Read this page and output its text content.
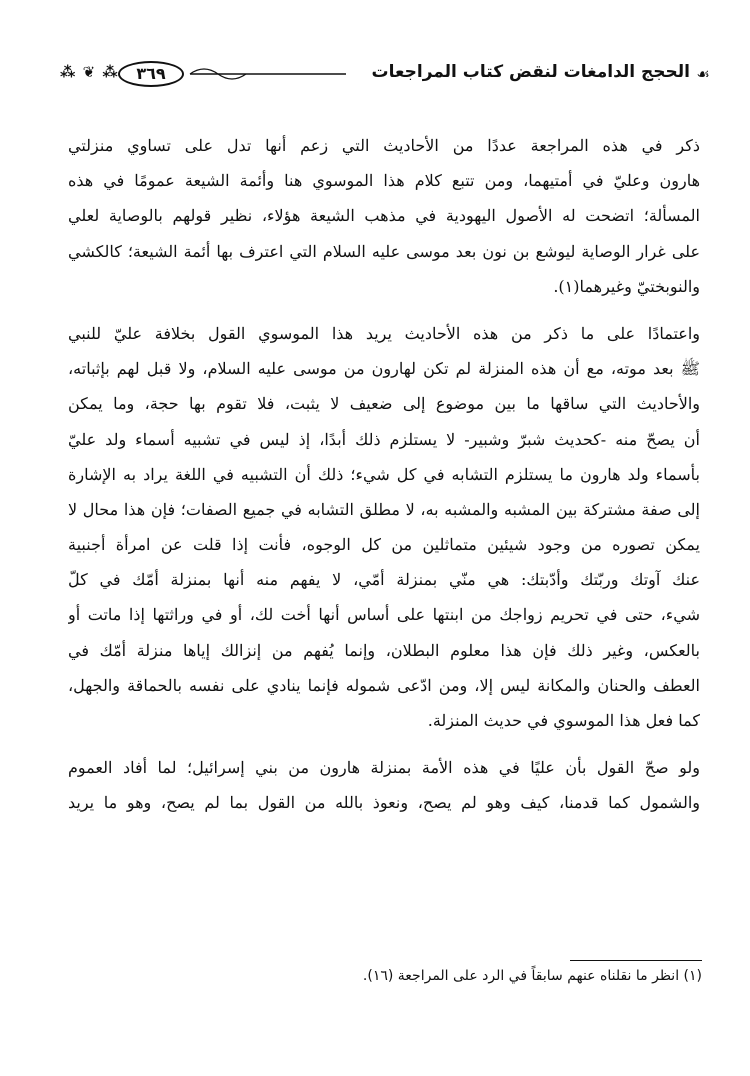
⁂ ❦ ⁂	٣٦٩	الحجج الدامغات لنقض كتاب المراجعات ☙
ذكر في هذه المراجعة عددًا من الأحاديث التي زعم أنها تدل على تساوي منزلتي
هارون وعليّ في أمتيهما، ومن تتبع كلام هذا الموسوي هنا وأئمة الشيعة عمومًا في هذه
المسألة؛ اتضحت له الأصول اليهودية في مذهب الشيعة هؤلاء، نظير قولهم بالوصاية لعلي
على غرار الوصاية ليوشع بن نون بعد موسى عليه السلام التي اعترف بها أئمة الشيعة؛ كالكشي
والنوبختيّ وغيرهما(١).
واعتمادًا على ما ذكر من هذه الأحاديث يريد هذا الموسوي القول بخلافة عليّ للنبي
ﷺ بعد موته، مع أن هذه المنزلة لم تكن لهارون من موسى عليه السلام، ولا قبل لهم بإثباته،
والأحاديث التي ساقها ما بين موضوع إلى ضعيف لا يثبت، فلا تقوم بها حجة، وما يمكن
أن يصحّ منه -كحديث شبرّ وشبير- لا يستلزم ذلك أبدًا، إذ ليس في تشبيه أسماء ولد عليّ
بأسماء ولد هارون ما يستلزم التشابه في كل شيء؛ ذلك أن التشبيه في اللغة يراد به الإشارة
إلى صفة مشتركة بين المشبه والمشبه به، لا مطلق التشابه في جميع الصفات؛ فإن هذا محال لا
يمكن تصوره من وجود شيئين متماثلين من كل الوجوه، فأنت إذا قلت عن امرأة أجنبية
عنك آوتك وربّتك وأدّبتك: هي منّي بمنزلة أمّي، لا يفهم منه أنها بمنزلة أمّك في كلّ
شيء، حتى في تحريم زواجك من ابنتها على أساس أنها أخت لك، أو في وراثتها إذا ماتت أو
بالعكس، وغير ذلك فإن هذا معلوم البطلان، وإنما يُفهم من إنزالك إياها منزلة أمّك في
العطف والحنان والمكانة ليس إلا، ومن ادّعى شموله فإنما ينادي على نفسه بالحماقة والجهل،
كما فعل هذا الموسوي في حديث المنزلة.
ولو صحّ القول بأن عليًا في هذه الأمة بمنزلة هارون من بني إسرائيل؛ لما أفاد العموم
والشمول كما قدمنا، كيف وهو لم يصح، ونعوذ بالله من القول بما لم يصح، وهو ما يريد
(١) انظر ما نقلناه عنهم سابقاً في الرد على المراجعة (١٦).
